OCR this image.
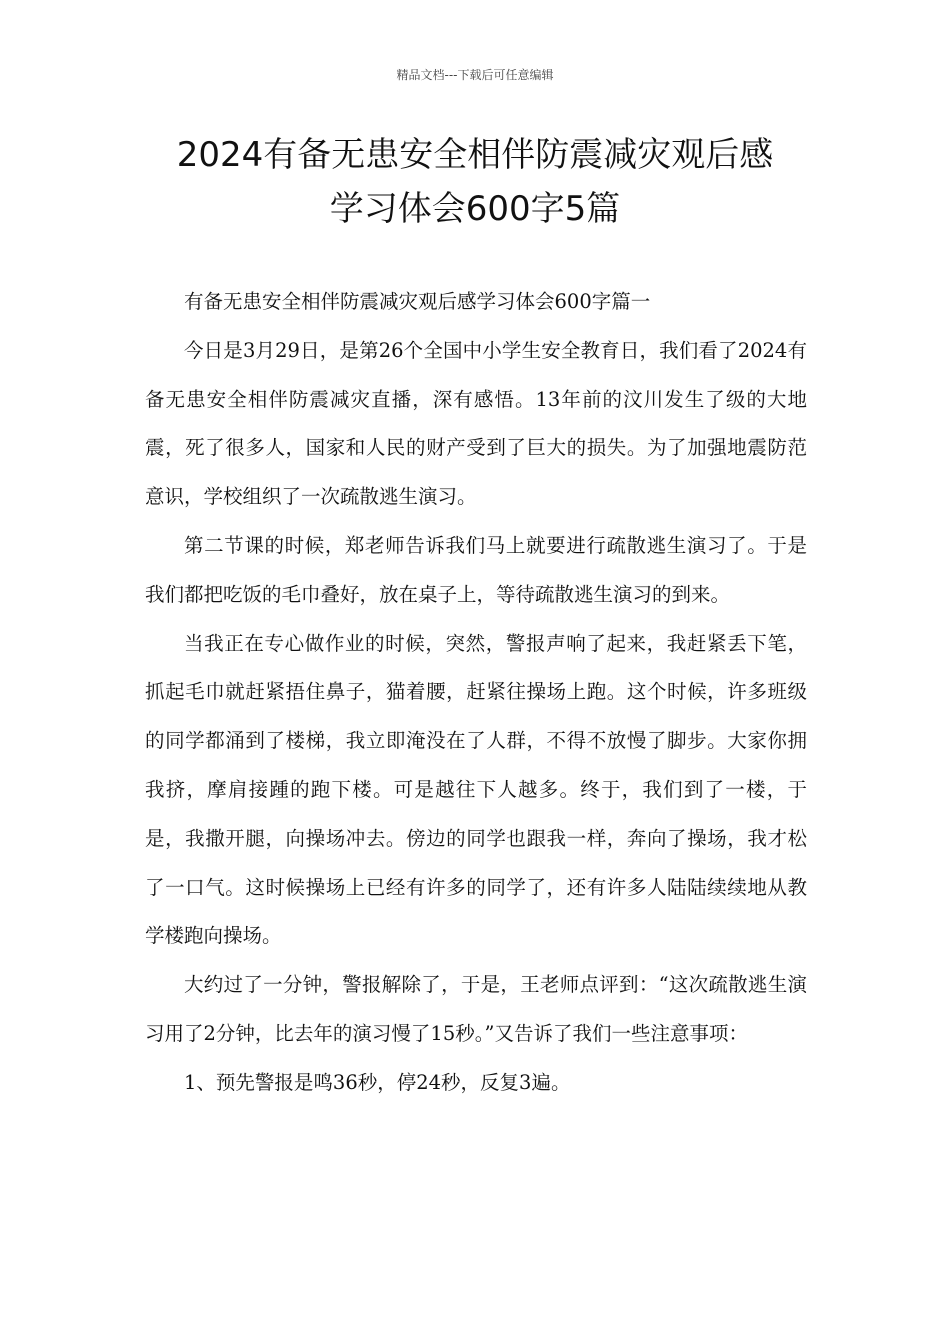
精品文档---下载后可任意编辑
2024有备无患安全相伴防震减灾观后感
学习体会600字5篇

有备无患安全相伴防震减灾观后感学习体会600字篇一

今日是3月29日，是第26个全国中小学生安全教育日，我们看了2024有备无患安全相伴防震减灾直播，深有感悟。13年前的汶川发生了级的大地震，死了很多人，国家和人民的财产受到了巨大的损失。为了加强地震防范意识，学校组织了一次疏散逃生演习。

第二节课的时候，郑老师告诉我们马上就要进行疏散逃生演习了。于是我们都把吃饭的毛巾叠好，放在桌子上，等待疏散逃生演习的到来。

当我正在专心做作业的时候，突然，警报声响了起来，我赶紧丢下笔，抓起毛巾就赶紧捂住鼻子，猫着腰，赶紧往操场上跑。这个时候，许多班级的同学都涌到了楼梯，我立即淹没在了人群，不得不放慢了脚步。大家你拥我挤，摩肩接踵的跑下楼。可是越往下人越多。终于，我们到了一楼，于是，我撒开腿，向操场冲去。傍边的同学也跟我一样，奔向了操场，我才松了一口气。这时候操场上已经有许多的同学了，还有许多人陆陆续续地从教学楼跑向操场。

大约过了一分钟，警报解除了，于是，王老师点评到：“这次疏散逃生演习用了2分钟，比去年的演习慢了15秒。”又告诉了我们一些注意事项：

1、预先警报是鸣36秒，停24秒，反复3遍。
